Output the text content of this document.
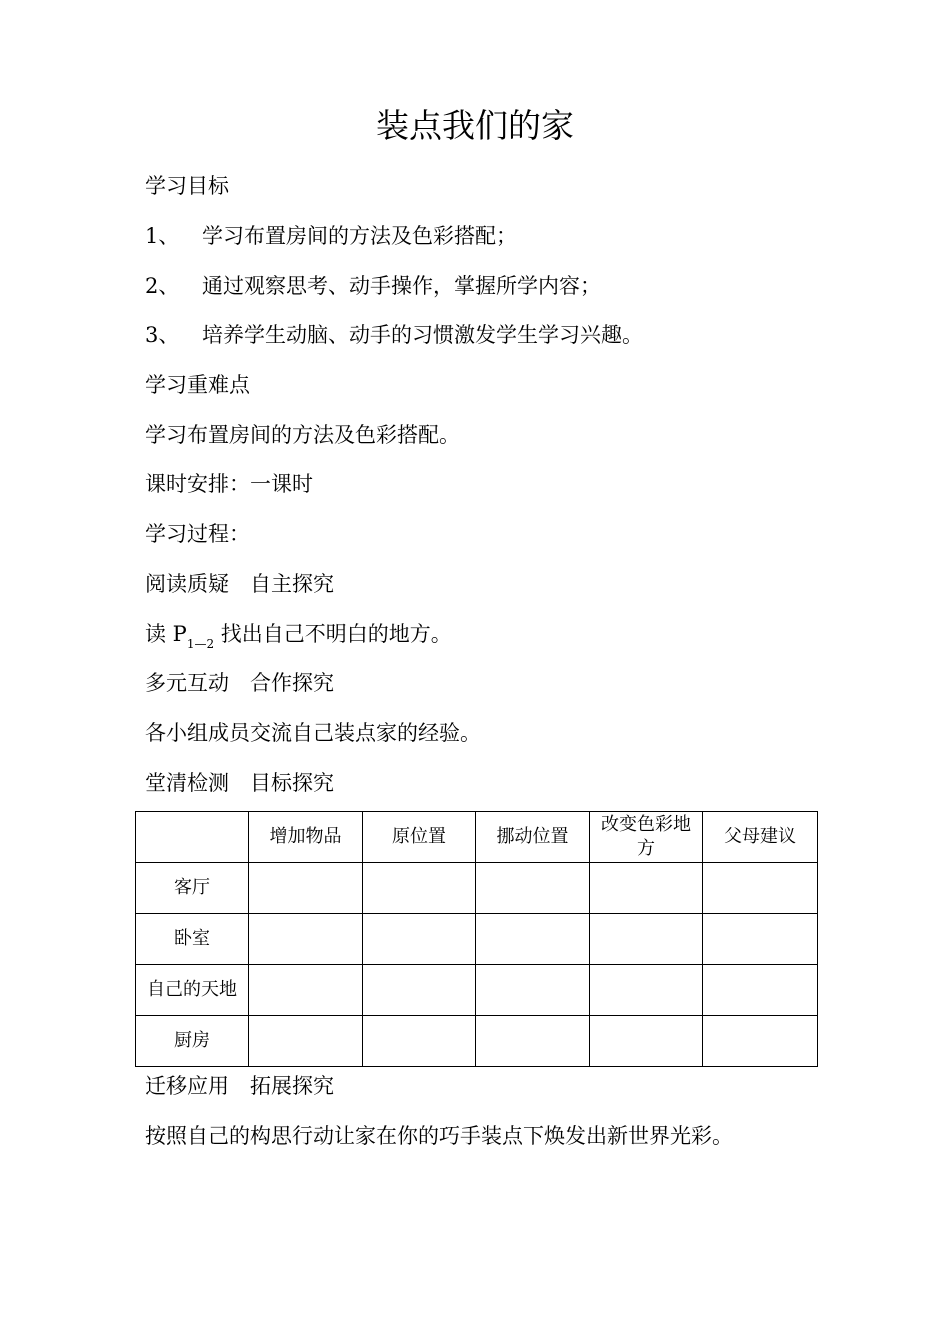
装点我们的家
学习目标
1、 学习布置房间的方法及色彩搭配；
2、 通过观察思考、动手操作，掌握所学内容；
3、 培养学生动脑、动手的习惯激发学生学习兴趣。
学习重难点
学习布置房间的方法及色彩搭配。
课时安排：一课时
学习过程：
阅读质疑　自主探究
读 $P_{1—2}$ 找出自己不明白的地方。
多元互动　合作探究
各小组成员交流自己装点家的经验。
堂清检测　目标探究
	增加物品	原位置	挪动位置	改变色彩地方	父母建议
客厅					
卧室					
自己的天地					
厨房					
迁移应用　拓展探究
按照自己的构思行动让家在你的巧手装点下焕发出新世界光彩。
